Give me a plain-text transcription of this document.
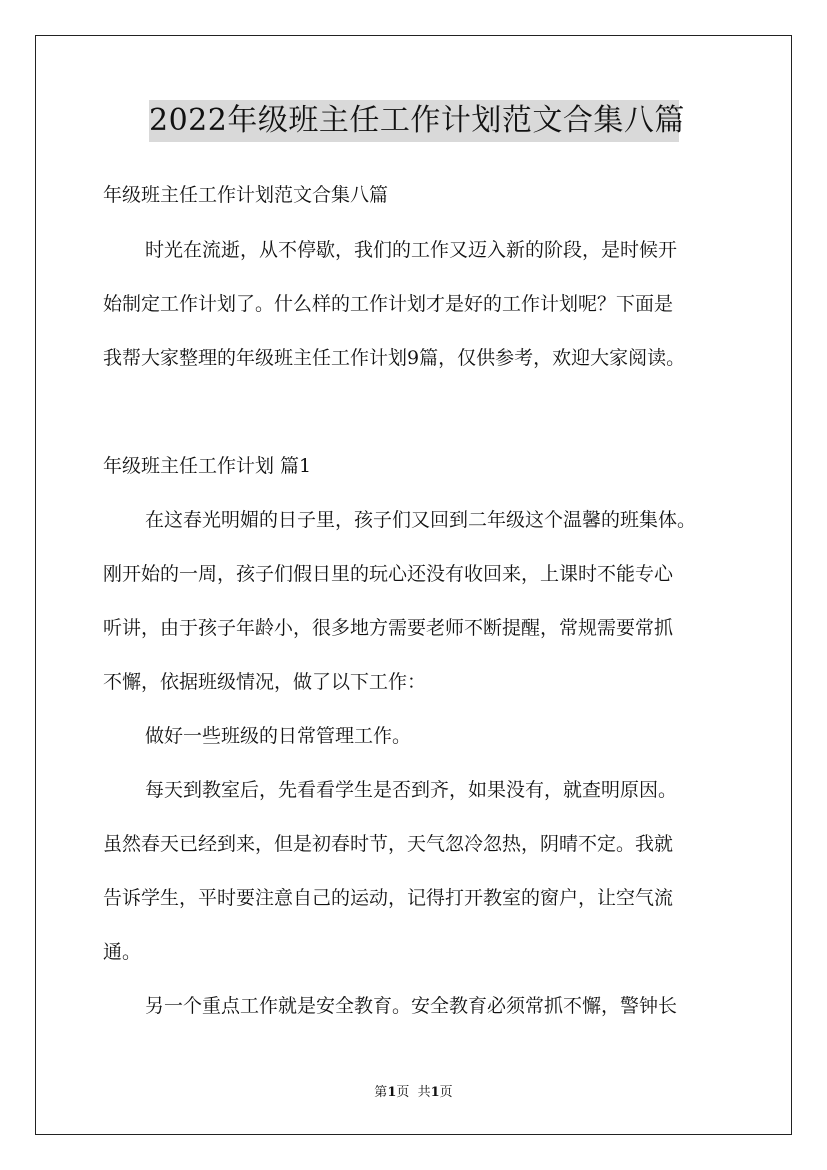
2022年级班主任工作计划范文合集八篇
年级班主任工作计划范文合集八篇
时光在流逝，从不停歇，我们的工作又迈入新的阶段，是时候开
始制定工作计划了。什么样的工作计划才是好的工作计划呢？下面是
我帮大家整理的年级班主任工作计划9篇，仅供参考，欢迎大家阅读。
年级班主任工作计划 篇1
在这春光明媚的日子里，孩子们又回到二年级这个温馨的班集体。
刚开始的一周，孩子们假日里的玩心还没有收回来，上课时不能专心
听讲，由于孩子年龄小，很多地方需要老师不断提醒，常规需要常抓
不懈，依据班级情况，做了以下工作：
做好一些班级的日常管理工作。
每天到教室后，先看看学生是否到齐，如果没有，就查明原因。
虽然春天已经到来，但是初春时节，天气忽冷忽热，阴晴不定。我就
告诉学生，平时要注意自己的运动，记得打开教室的窗户，让空气流
通。
另一个重点工作就是安全教育。安全教育必须常抓不懈，警钟长
第1页  共1页
